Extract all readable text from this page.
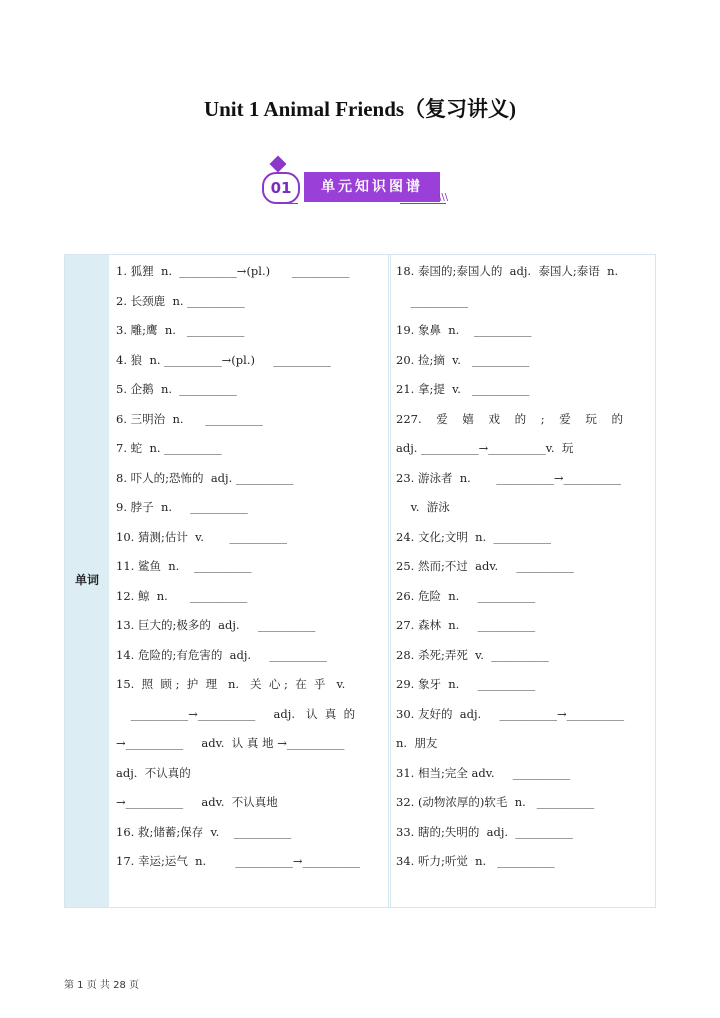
Unit 1 Animal Friends（复习讲义)
01	单元知识图谱
\\\
单词
1. 狐狸  n.  __________→(pl.)      __________
2. 长颈鹿  n. __________
3. 雕;鹰  n.   __________
4. 狼  n. __________→(pl.)     __________
5. 企鹅  n.  __________
6. 三明治  n.      __________
7. 蛇  n. __________
8. 吓人的;恐怖的  adj. __________
9. 脖子  n.     __________
10. 猜测;估计  v.       __________
11. 鲨鱼  n.    __________
12. 鲸  n.      __________
13. 巨大的;极多的  adj.     __________
14. 危险的;有危害的  adj.     __________
15.  照  顾 ;  护  理   n.   关  心 ;  在  乎   v.
__________→__________     adj.   认  真  的
→__________     adv.  认 真 地 →__________
adj.  不认真的
→__________     adv.  不认真地
16. 救;储蓄;保存  v.    __________
17. 幸运;运气  n.        __________→__________
18. 泰国的;泰国人的  adj.  泰国人;泰语  n.
__________
19. 象鼻  n.    __________
20. 捡;摘  v.   __________
21. 拿;提  v.   __________
227.    爱    嬉    戏    的    ;    爱    玩    的
adj. __________→__________v.  玩
23. 游泳者  n.       __________→__________
v.  游泳
24. 文化;文明  n.  __________
25. 然而;不过  adv.     __________
26. 危险  n.     __________
27. 森林  n.     __________
28. 杀死;弄死  v.  __________
29. 象牙  n.     __________
30. 友好的  adj.     __________→__________
n.  朋友
31. 相当;完全 adv.     __________
32. (动物浓厚的)软毛  n.   __________
33. 瞎的;失明的  adj.  __________
34. 听力;听觉  n.   __________
第 1 页 共 28 页
